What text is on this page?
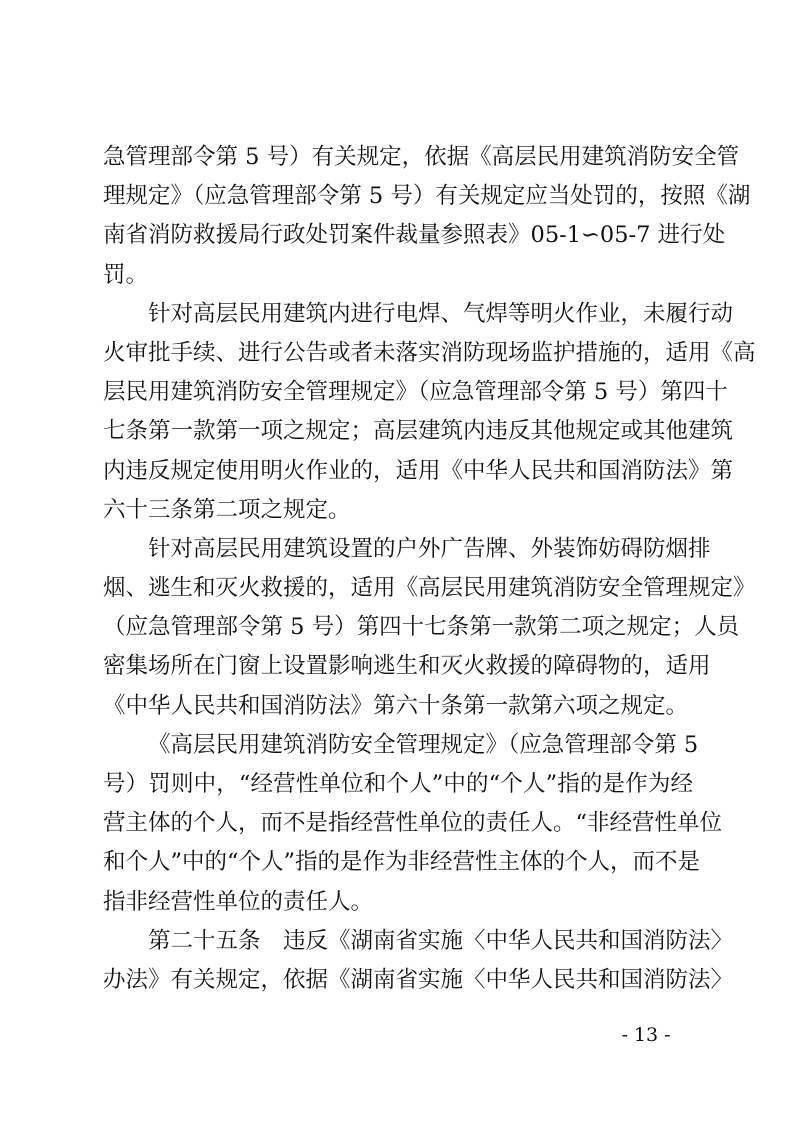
急管理部令第 5 号）有关规定，依据《高层民用建筑消防安全管
理规定》（应急管理部令第 5 号）有关规定应当处罚的，按照《湖
南省消防救援局行政处罚案件裁量参照表》05-1∽05-7 进行处
罚。
针对高层民用建筑内进行电焊、气焊等明火作业，未履行动
火审批手续、进行公告或者未落实消防现场监护措施的，适用《高
层民用建筑消防安全管理规定》（应急管理部令第 5 号）第四十
七条第一款第一项之规定；高层建筑内违反其他规定或其他建筑
内违反规定使用明火作业的，适用《中华人民共和国消防法》第
六十三条第二项之规定。
针对高层民用建筑设置的户外广告牌、外装饰妨碍防烟排
烟、逃生和灭火救援的，适用《高层民用建筑消防安全管理规定》
（应急管理部令第 5 号）第四十七条第一款第二项之规定；人员
密集场所在门窗上设置影响逃生和灭火救援的障碍物的，适用
《中华人民共和国消防法》第六十条第一款第六项之规定。
《高层民用建筑消防安全管理规定》（应急管理部令第 5
号）罚则中，“经营性单位和个人”中的“个人”指的是作为经
营主体的个人，而不是指经营性单位的责任人。“非经营性单位
和个人”中的“个人”指的是作为非经营性主体的个人，而不是
指非经营性单位的责任人。
第二十五条　违反《湖南省实施〈中华人民共和国消防法〉
办法》有关规定，依据《湖南省实施〈中华人民共和国消防法〉
- 13 -
